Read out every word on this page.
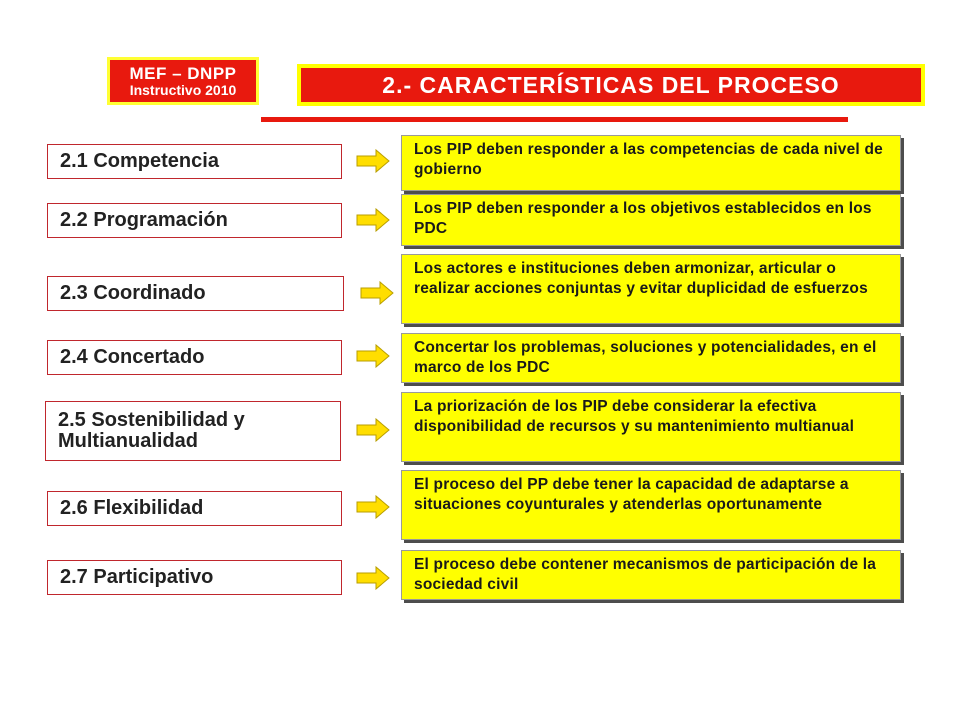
MEF – DNPP
Instructivo 2010	2.- CARACTERÍSTICAS DEL PROCESO
2.1 Competencia
Los PIP deben responder a las competencias de cada nivel de gobierno
2.2 Programación
Los PIP deben responder a los objetivos establecidos en los PDC
2.3 Coordinado
Los actores e instituciones deben armonizar, articular o realizar acciones conjuntas y evitar duplicidad de esfuerzos
2.4 Concertado	Concertar los problemas, soluciones y potencialidades, en el marco de los PDC
2.5 Sostenibilidad y Multianualidad
La priorización de los PIP debe considerar la efectiva disponibilidad de recursos y su mantenimiento multianual
2.6 Flexibilidad
El proceso del PP debe tener la capacidad de adaptarse a situaciones coyunturales y atenderlas oportunamente
2.7 Participativo
El proceso debe contener mecanismos de participación de la sociedad civil
